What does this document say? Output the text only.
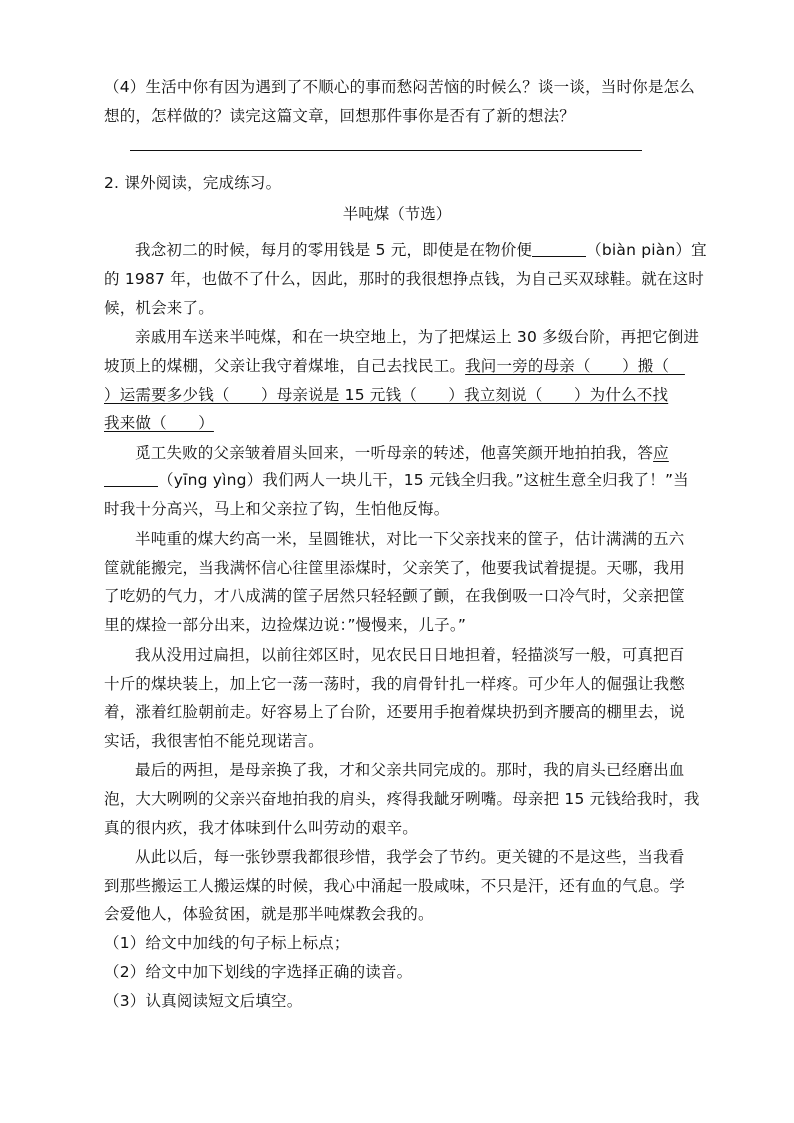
（4）生活中你有因为遇到了不顺心的事而愁闷苦恼的时候么？谈一谈，当时你是怎么
想的，怎样做的？读完这篇文章，回想那件事你是否有了新的想法？
2. 课外阅读，完成练习。
半吨煤（节选）
我念初二的时候，每月的零用钱是 5 元，即使是在物价便	（biàn piàn）宜
的 1987 年，也做不了什么，因此，那时的我很想挣点钱，为自己买双球鞋。就在这时
候，机会来了。
亲戚用车送来半吨煤，和在一块空地上，为了把煤运上 30 多级台阶，再把它倒进
坡顶上的煤棚，父亲让我守着煤堆，自己去找民工。我问一旁的母亲（　　）搬（　
）运需要多少钱（　　）母亲说是 15 元钱（　　）我立刻说（　　）为什么不找
我来做（　　）
觅工失败的父亲皱着眉头回来，一听母亲的转述，他喜笑颜开地拍拍我，答应
（yīng yìng）我们两人一块儿干，15 元钱全归我。”这桩生意全归我了！”当
时我十分高兴，马上和父亲拉了钩，生怕他反悔。
半吨重的煤大约高一米，呈圆锥状，对比一下父亲找来的筐子，估计满满的五六
筐就能搬完，当我满怀信心往筐里添煤时，父亲笑了，他要我试着提提。天哪，我用
了吃奶的气力，才八成满的筐子居然只轻轻颤了颤，在我倒吸一口冷气时，父亲把筐
里的煤捡一部分出来，边捡煤边说：”慢慢来，儿子。”
我从没用过扁担，以前往郊区时，见农民日日地担着，轻描淡写一般，可真把百
十斤的煤块装上，加上它一荡一荡时，我的肩骨针扎一样疼。可少年人的倔强让我憋
着，涨着红脸朝前走。好容易上了台阶，还要用手抱着煤块扔到齐腰高的棚里去，说
实话，我很害怕不能兑现诺言。
最后的两担，是母亲换了我，才和父亲共同完成的。那时，我的肩头已经磨出血
泡，大大咧咧的父亲兴奋地拍我的肩头，疼得我龇牙咧嘴。母亲把 15 元钱给我时，我
真的很内疚，我才体味到什么叫劳动的艰辛。
从此以后，每一张钞票我都很珍惜，我学会了节约。更关键的不是这些，当我看
到那些搬运工人搬运煤的时候，我心中涌起一股咸味，不只是汗，还有血的气息。学
会爱他人，体验贫困，就是那半吨煤教会我的。
（1）给文中加线的句子标上标点；
（2）给文中加下划线的字选择正确的读音。
（3）认真阅读短文后填空。
